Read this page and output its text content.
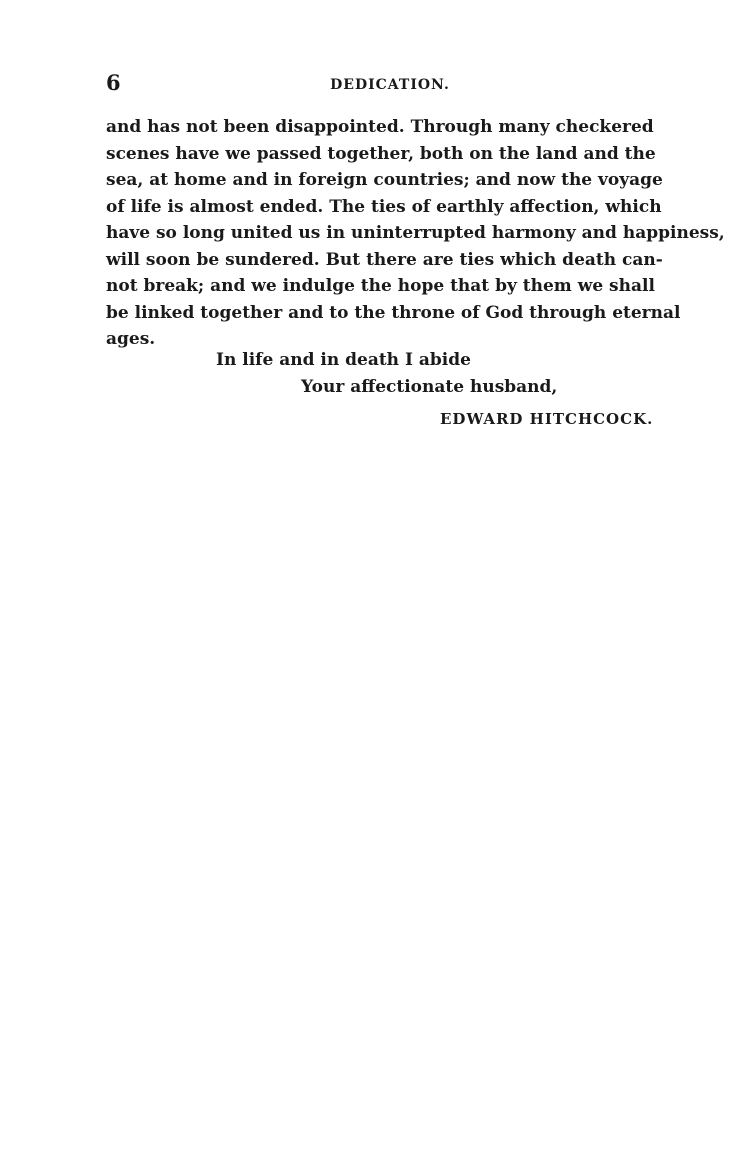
6	DEDICATION.
and has not been disappointed. Through many checkered
scenes have we passed together, both on the land and the
sea, at home and in foreign countries; and now the voyage
of life is almost ended. The ties of earthly affection, which
have so long united us in uninterrupted harmony and happiness,
will soon be sundered. But there are ties which death can-
not break; and we indulge the hope that by them we shall
be linked together and to the throne of God through eternal
ages.
In life and in death I abide
Your affectionate husband,
EDWARD HITCHCOCK.
